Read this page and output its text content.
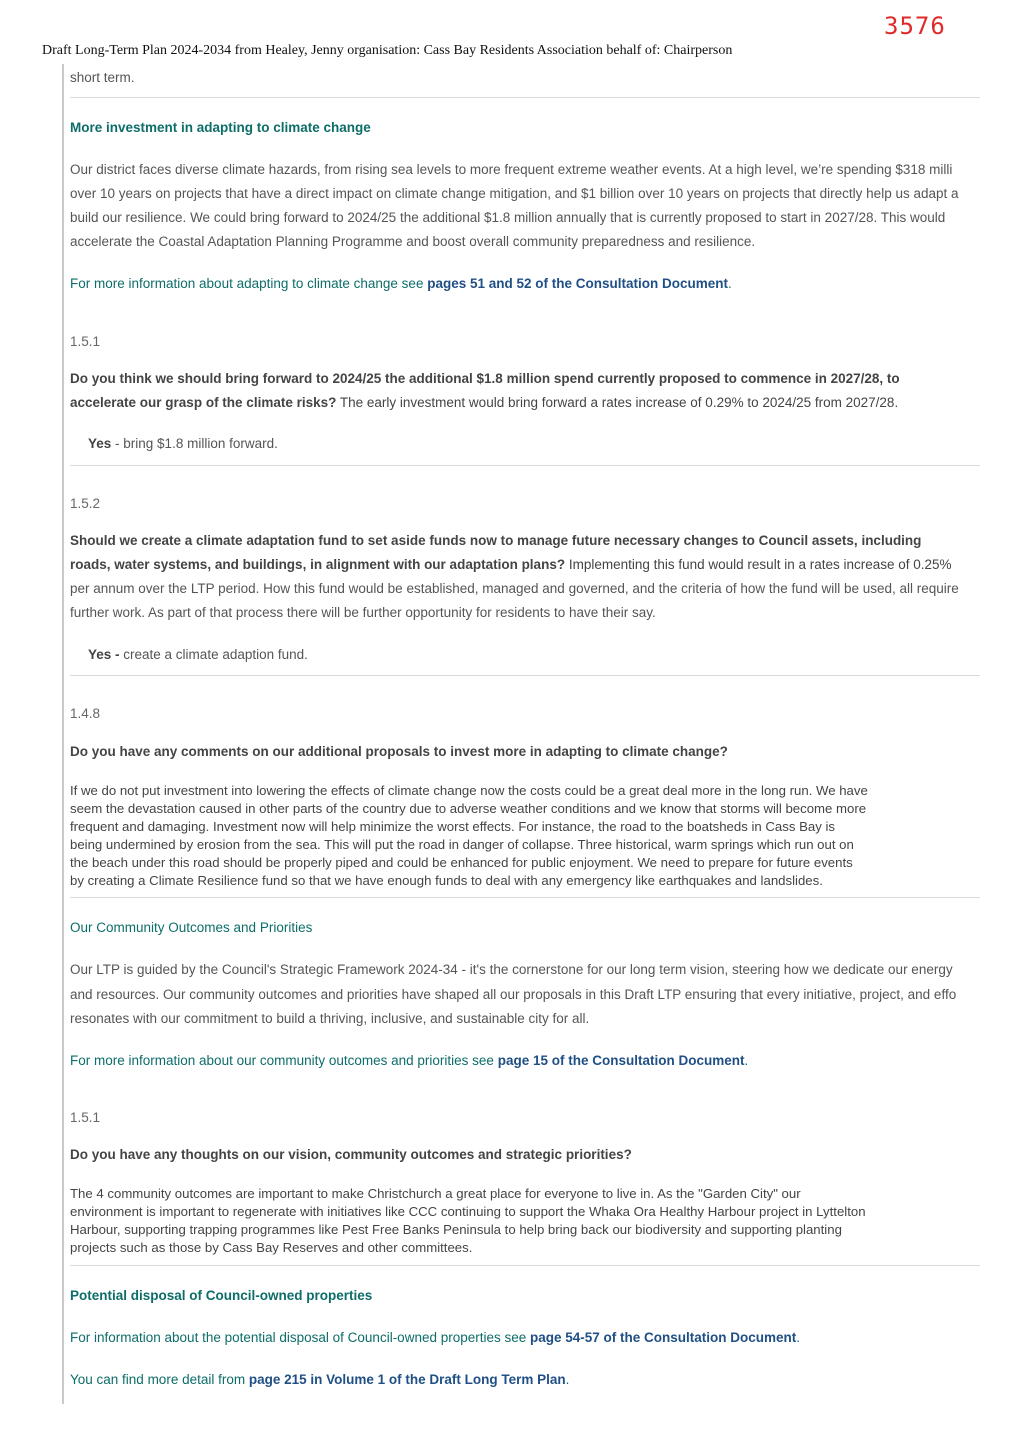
3576
Draft Long-Term Plan 2024-2034 from Healey, Jenny organisation: Cass Bay Residents Association behalf of: Chairperson
short term.
More investment in adapting to climate change
Our district faces diverse climate hazards, from rising sea levels to more frequent extreme weather events. At a high level, we’re spending $318 milli
over 10 years on projects that have a direct impact on climate change mitigation, and $1 billion over 10 years on projects that directly help us adapt a
build our resilience. We could bring forward to 2024/25 the additional $1.8 million annually that is currently proposed to start in 2027/28. This would
accelerate the Coastal Adaptation Planning Programme and boost overall community preparedness and resilience.
For more information about adapting to climate change see pages 51 and 52 of the Consultation Document.
1.5.1
Do you think we should bring forward to 2024/25 the additional $1.8 million spend currently proposed to commence in 2027/28, to
accelerate our grasp of the climate risks? The early investment would bring forward a rates increase of 0.29% to 2024/25 from 2027/28.
Yes - bring $1.8 million forward.
1.5.2
Should we create a climate adaptation fund to set aside funds now to manage future necessary changes to Council assets, including
roads, water systems, and buildings, in alignment with our adaptation plans? Implementing this fund would result in a rates increase of 0.25%
per annum over the LTP period. How this fund would be established, managed and governed, and the criteria of how the fund will be used, all require
further work. As part of that process there will be further opportunity for residents to have their say.
Yes - create a climate adaption fund.
1.4.8
Do you have any comments on our additional proposals to invest more in adapting to climate change?
If we do not put investment into lowering the effects of climate change now the costs could be a great deal more in the long run. We have
seem the devastation caused in other parts of the country due to adverse weather conditions and we know that storms will become more
frequent and damaging. Investment now will help minimize the worst effects. For instance, the road to the boatsheds in Cass Bay is
being undermined by erosion from the sea. This will put the road in danger of collapse. Three historical, warm springs which run out on
the beach under this road should be properly piped and could be enhanced for public enjoyment. We need to prepare for future events
by creating a Climate Resilience fund so that we have enough funds to deal with any emergency like earthquakes and landslides.
Our Community Outcomes and Priorities
Our LTP is guided by the Council's Strategic Framework 2024-34 - it's the cornerstone for our long term vision, steering how we dedicate our energy
and resources. Our community outcomes and priorities have shaped all our proposals in this Draft LTP ensuring that every initiative, project, and effo
resonates with our commitment to build a thriving, inclusive, and sustainable city for all.
For more information about our community outcomes and priorities see page 15 of the Consultation Document.
1.5.1
Do you have any thoughts on our vision, community outcomes and strategic priorities?
The 4 community outcomes are important to make Christchurch a great place for everyone to live in. As the "Garden City" our
environment is important to regenerate with initiatives like CCC continuing to support the Whaka Ora Healthy Harbour project in Lyttelton
Harbour, supporting trapping programmes like Pest Free Banks Peninsula to help bring back our biodiversity and supporting planting
projects such as those by Cass Bay Reserves and other committees.
Potential disposal of Council-owned properties
For information about the potential disposal of Council-owned properties see page 54-57 of the Consultation Document.
You can find more detail from page 215 in Volume 1 of the Draft Long Term Plan.
